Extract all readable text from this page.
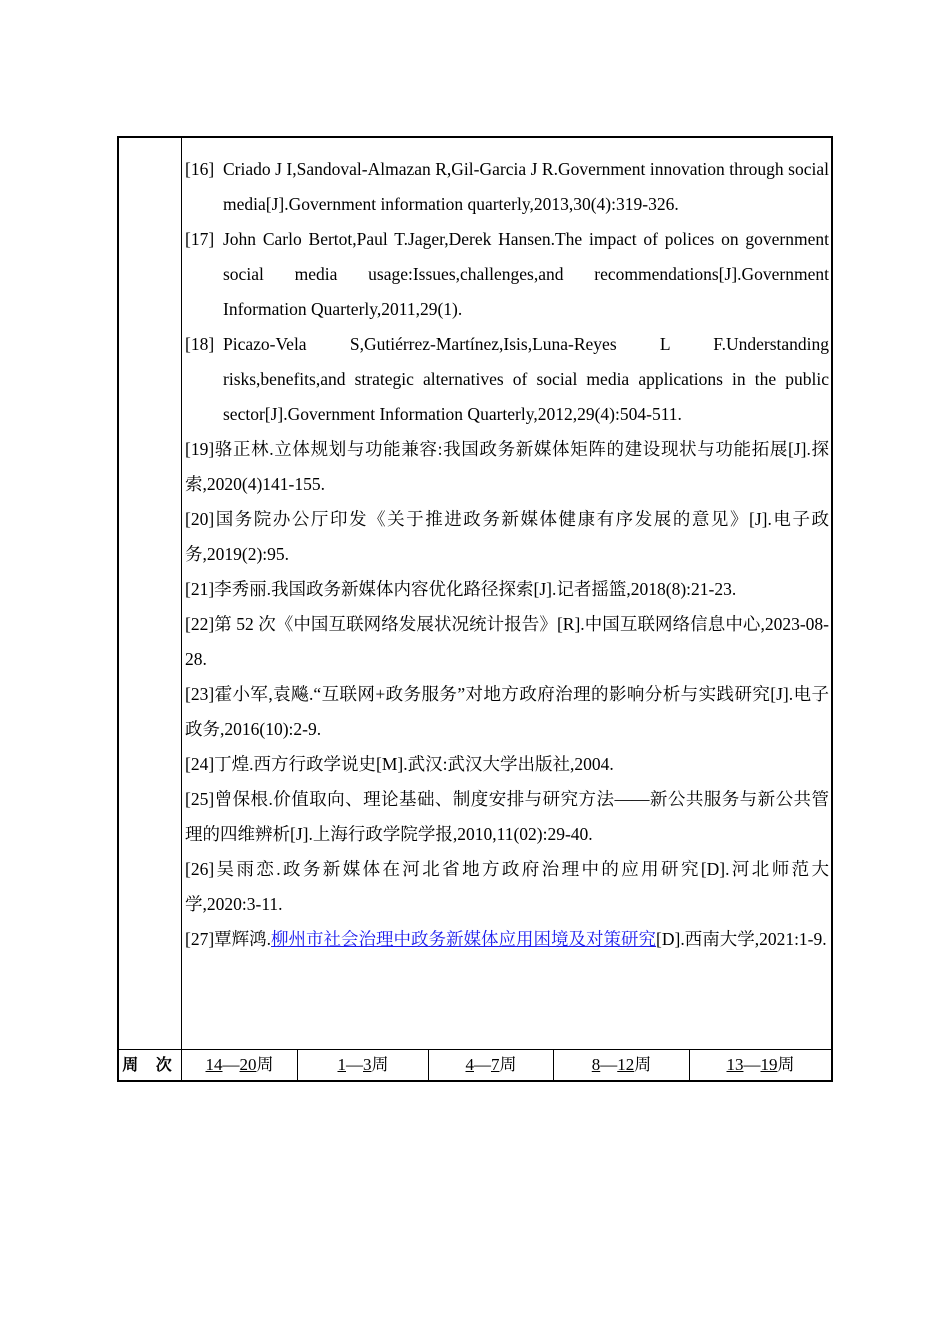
[16] Criado J I,Sandoval-Almazan R,Gil-Garcia J R.Government innovation through social media[J].Government information quarterly,2013,30(4):319-326.
[17] John Carlo Bertot,Paul T.Jager,Derek Hansen.The impact of polices on government social media usage:Issues,challenges,and recommendations[J].Government Information Quarterly,2011,29(1).
[18] Picazo-Vela S,Gutiérrez-Martínez,Isis,Luna-Reyes L F.Understanding risks,benefits,and strategic alternatives of social media applications in the public sector[J].Government Information Quarterly,2012,29(4):504-511.
[19]骆正林.立体规划与功能兼容:我国政务新媒体矩阵的建设现状与功能拓展[J].探索,2020(4)141-155.
[20]国务院办公厅印发《关于推进政务新媒体健康有序发展的意见》[J].电子政务,2019(2):95.
[21]李秀丽.我国政务新媒体内容优化路径探索[J].记者摇篮,2018(8):21-23.
[22]第 52 次《中国互联网络发展状况统计报告》[R].中国互联网络信息中心,2023-08-28.
[23]霍小军,袁飚.“互联网+政务服务”对地方政府治理的影响分析与实践研究[J].电子政务,2016(10):2-9.
[24]丁煌.西方行政学说史[M].武汉:武汉大学出版社,2004.
[25]曾保根.价值取向、理论基础、制度安排与研究方法——新公共服务与新公共管理的四维辨析[J].上海行政学院学报,2010,11(02):29-40.
[26]吴雨恋.政务新媒体在河北省地方政府治理中的应用研究[D].河北师范大学,2020:3-11.
[27]覃辉鸿.柳州市社会治理中政务新媒体应用困境及对策研究[D].西南大学,2021:1-9.
周 次	14—20周	1—3周	4—7周	8—12周	13—19周
